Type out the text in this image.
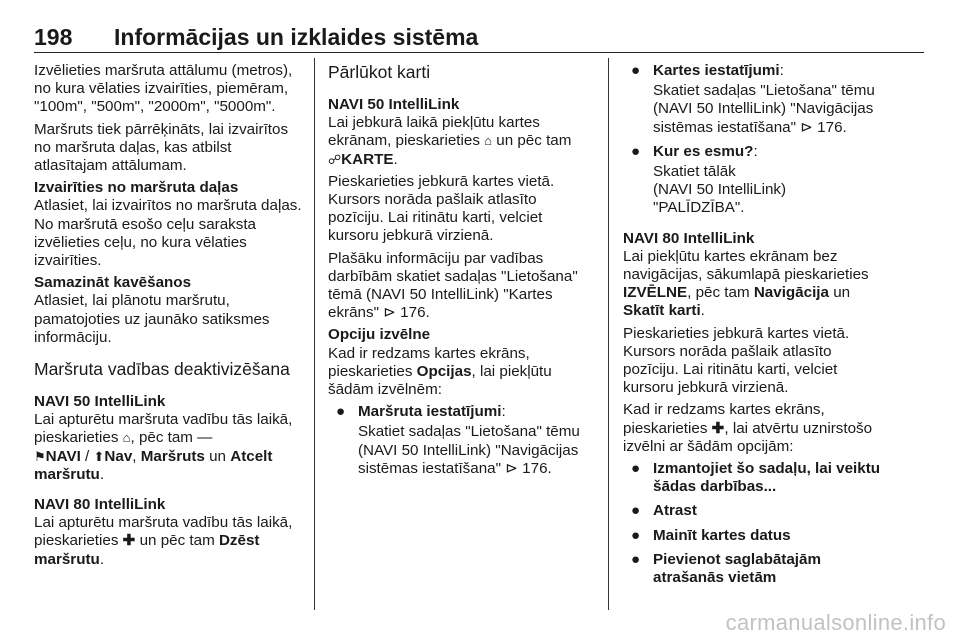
198 Informācijas un izklaides sistēma

Izvēlieties maršruta attālumu (metros), no kura vēlaties izvairīties, piemēram, "100m", "500m", "2000m", "5000m".

Maršruts tiek pārrēķināts, lai izvairītos no maršruta daļas, kas atbilst atlasītajam attālumam.

Izvairīties no maršruta daļas

Atlasiet, lai izvairītos no maršruta daļas. No maršrutā esošo ceļu saraksta izvēlieties ceļu, no kura vēlaties izvairīties.

Samazināt kavēšanos

Atlasiet, lai plānotu maršrutu, pamatojoties uz jaunāko satiksmes informāciju.

Maršruta vadības deaktivizēšana
NAVI 50 IntelliLink

Lai apturētu maršruta vadību tās laikā, pieskarieties ⌂, pēc tam —
⚑NAVI / ⬆Nav, Maršruts un Atcelt maršrutu.

NAVI 80 IntelliLink

Lai apturētu maršruta vadību tās laikā, pieskarieties ✚ un pēc tam Dzēst maršrutu.

Pārlūkot karti
NAVI 50 IntelliLink

Lai jebkurā laikā piekļūtu kartes ekrānam, pieskarieties ⌂ un pēc tam ☍KARTE.

Pieskarieties jebkurā kartes vietā. Kursors norāda pašlaik atlasīto pozīciju. Lai ritinātu karti, velciet kursoru jebkurā virzienā.

Plašāku informāciju par vadības darbībām skatiet sadaļas "Lietošana" tēmā (NAVI 50 IntelliLink) "Kartes ekrāns" ⊳ 176.

Opciju izvēlne

Kad ir redzams kartes ekrāns, pieskarieties Opcijas, lai piekļūtu šādām izvēlnēm:

● Maršruta iestatījumi:
Skatiet sadaļas "Lietošana" tēmu (NAVI 50 IntelliLink) "Navigācijas sistēmas iestatīšana" ⊳ 176.
● Kartes iestatījumi:
Skatiet sadaļas "Lietošana" tēmu (NAVI 50 IntelliLink) "Navigācijas sistēmas iestatīšana" ⊳ 176.
● Kur es esmu?:
Skatiet tālāk
(NAVI 50 IntelliLink)
"PALĪDZĪBA".
NAVI 80 IntelliLink

Lai piekļūtu kartes ekrānam bez navigācijas, sākumlapā pieskarieties IZVĒLNE, pēc tam Navigācija un Skatīt karti.

Pieskarieties jebkurā kartes vietā. Kursors norāda pašlaik atlasīto pozīciju. Lai ritinātu karti, velciet kursoru jebkurā virzienā.

Kad ir redzams kartes ekrāns, pieskarieties ✚, lai atvērtu uznirstošo izvēlni ar šādām opcijām:

● Izmantojiet šo sadaļu, lai veiktu šādas darbības...
● Atrast
● Mainīt kartes datus
● Pievienot saglabātajām atrašanās vietām
carmanualsonline.info
